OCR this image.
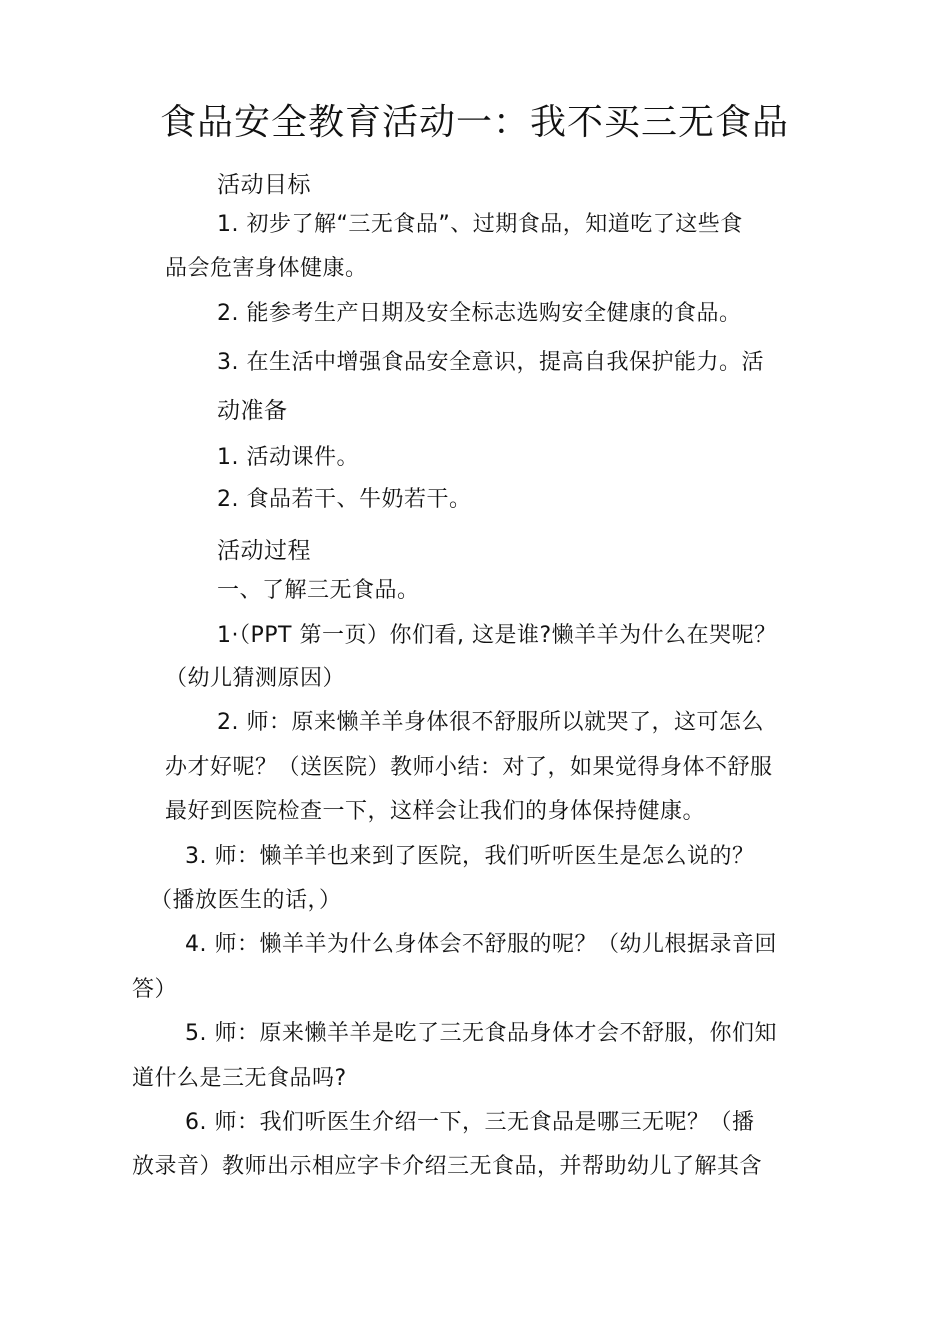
食品安全教育活动一：我不买三无食品
活动目标
1. 初步了解“三无食品”、过期食品，知道吃了这些食
品会危害身体健康。
2. 能参考生产日期及安全标志选购安全健康的食品。
3. 在生活中增强食品安全意识，提高自我保护能力。活
动准备
1. 活动课件。
2. 食品若干、牛奶若干。
活动过程
一、了解三无食品。
1·（PPT 第一页）你们看, 这是谁?懒羊羊为什么在哭呢？
（幼儿猜测原因）
2. 师：原来懒羊羊身体很不舒服所以就哭了，这可怎么
办才好呢？（送医院）教师小结：对了，如果觉得身体不舒服
最好到医院检查一下，这样会让我们的身体保持健康。
3. 师：懒羊羊也来到了医院，我们听听医生是怎么说的？
（播放医生的话，）
4. 师：懒羊羊为什么身体会不舒服的呢？（幼儿根据录音回
答）
5. 师：原来懒羊羊是吃了三无食品身体才会不舒服，你们知
道什么是三无食品吗?
6. 师：我们听医生介绍一下，三无食品是哪三无呢？（播
放录音）教师出示相应字卡介绍三无食品，并帮助幼儿了解其含
